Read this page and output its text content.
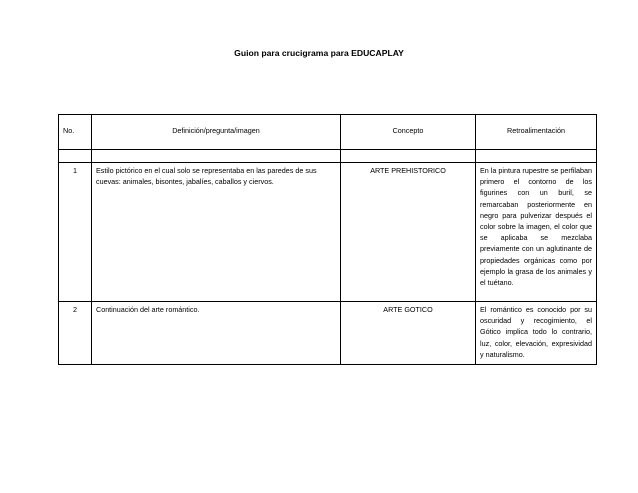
Guion para crucigrama para EDUCAPLAY
No.	Definición/pregunta/imagen	Concepto	Retroalimentación

1	Estilo pictórico en el cual solo se representaba en las paredes de sus cuevas: animales, bisontes, jabalíes, caballos y ciervos.	ARTE PREHISTORICO	En la pintura rupestre se perfilaban primero el contorno de los figurines con un buril, se remarcaban posteriormente en negro para pulverizar después el color sobre la imagen, el color que se aplicaba se mezclaba previamente con un aglutinante de propiedades orgánicas como por ejemplo la grasa de los animales y el tuétano.
2	Continuación del arte romántico.	ARTE GOTICO	El romántico es conocido por su oscuridad y recogimiento, el Gótico implica todo lo contrario, luz, color, elevación, expresividad y naturalismo.
